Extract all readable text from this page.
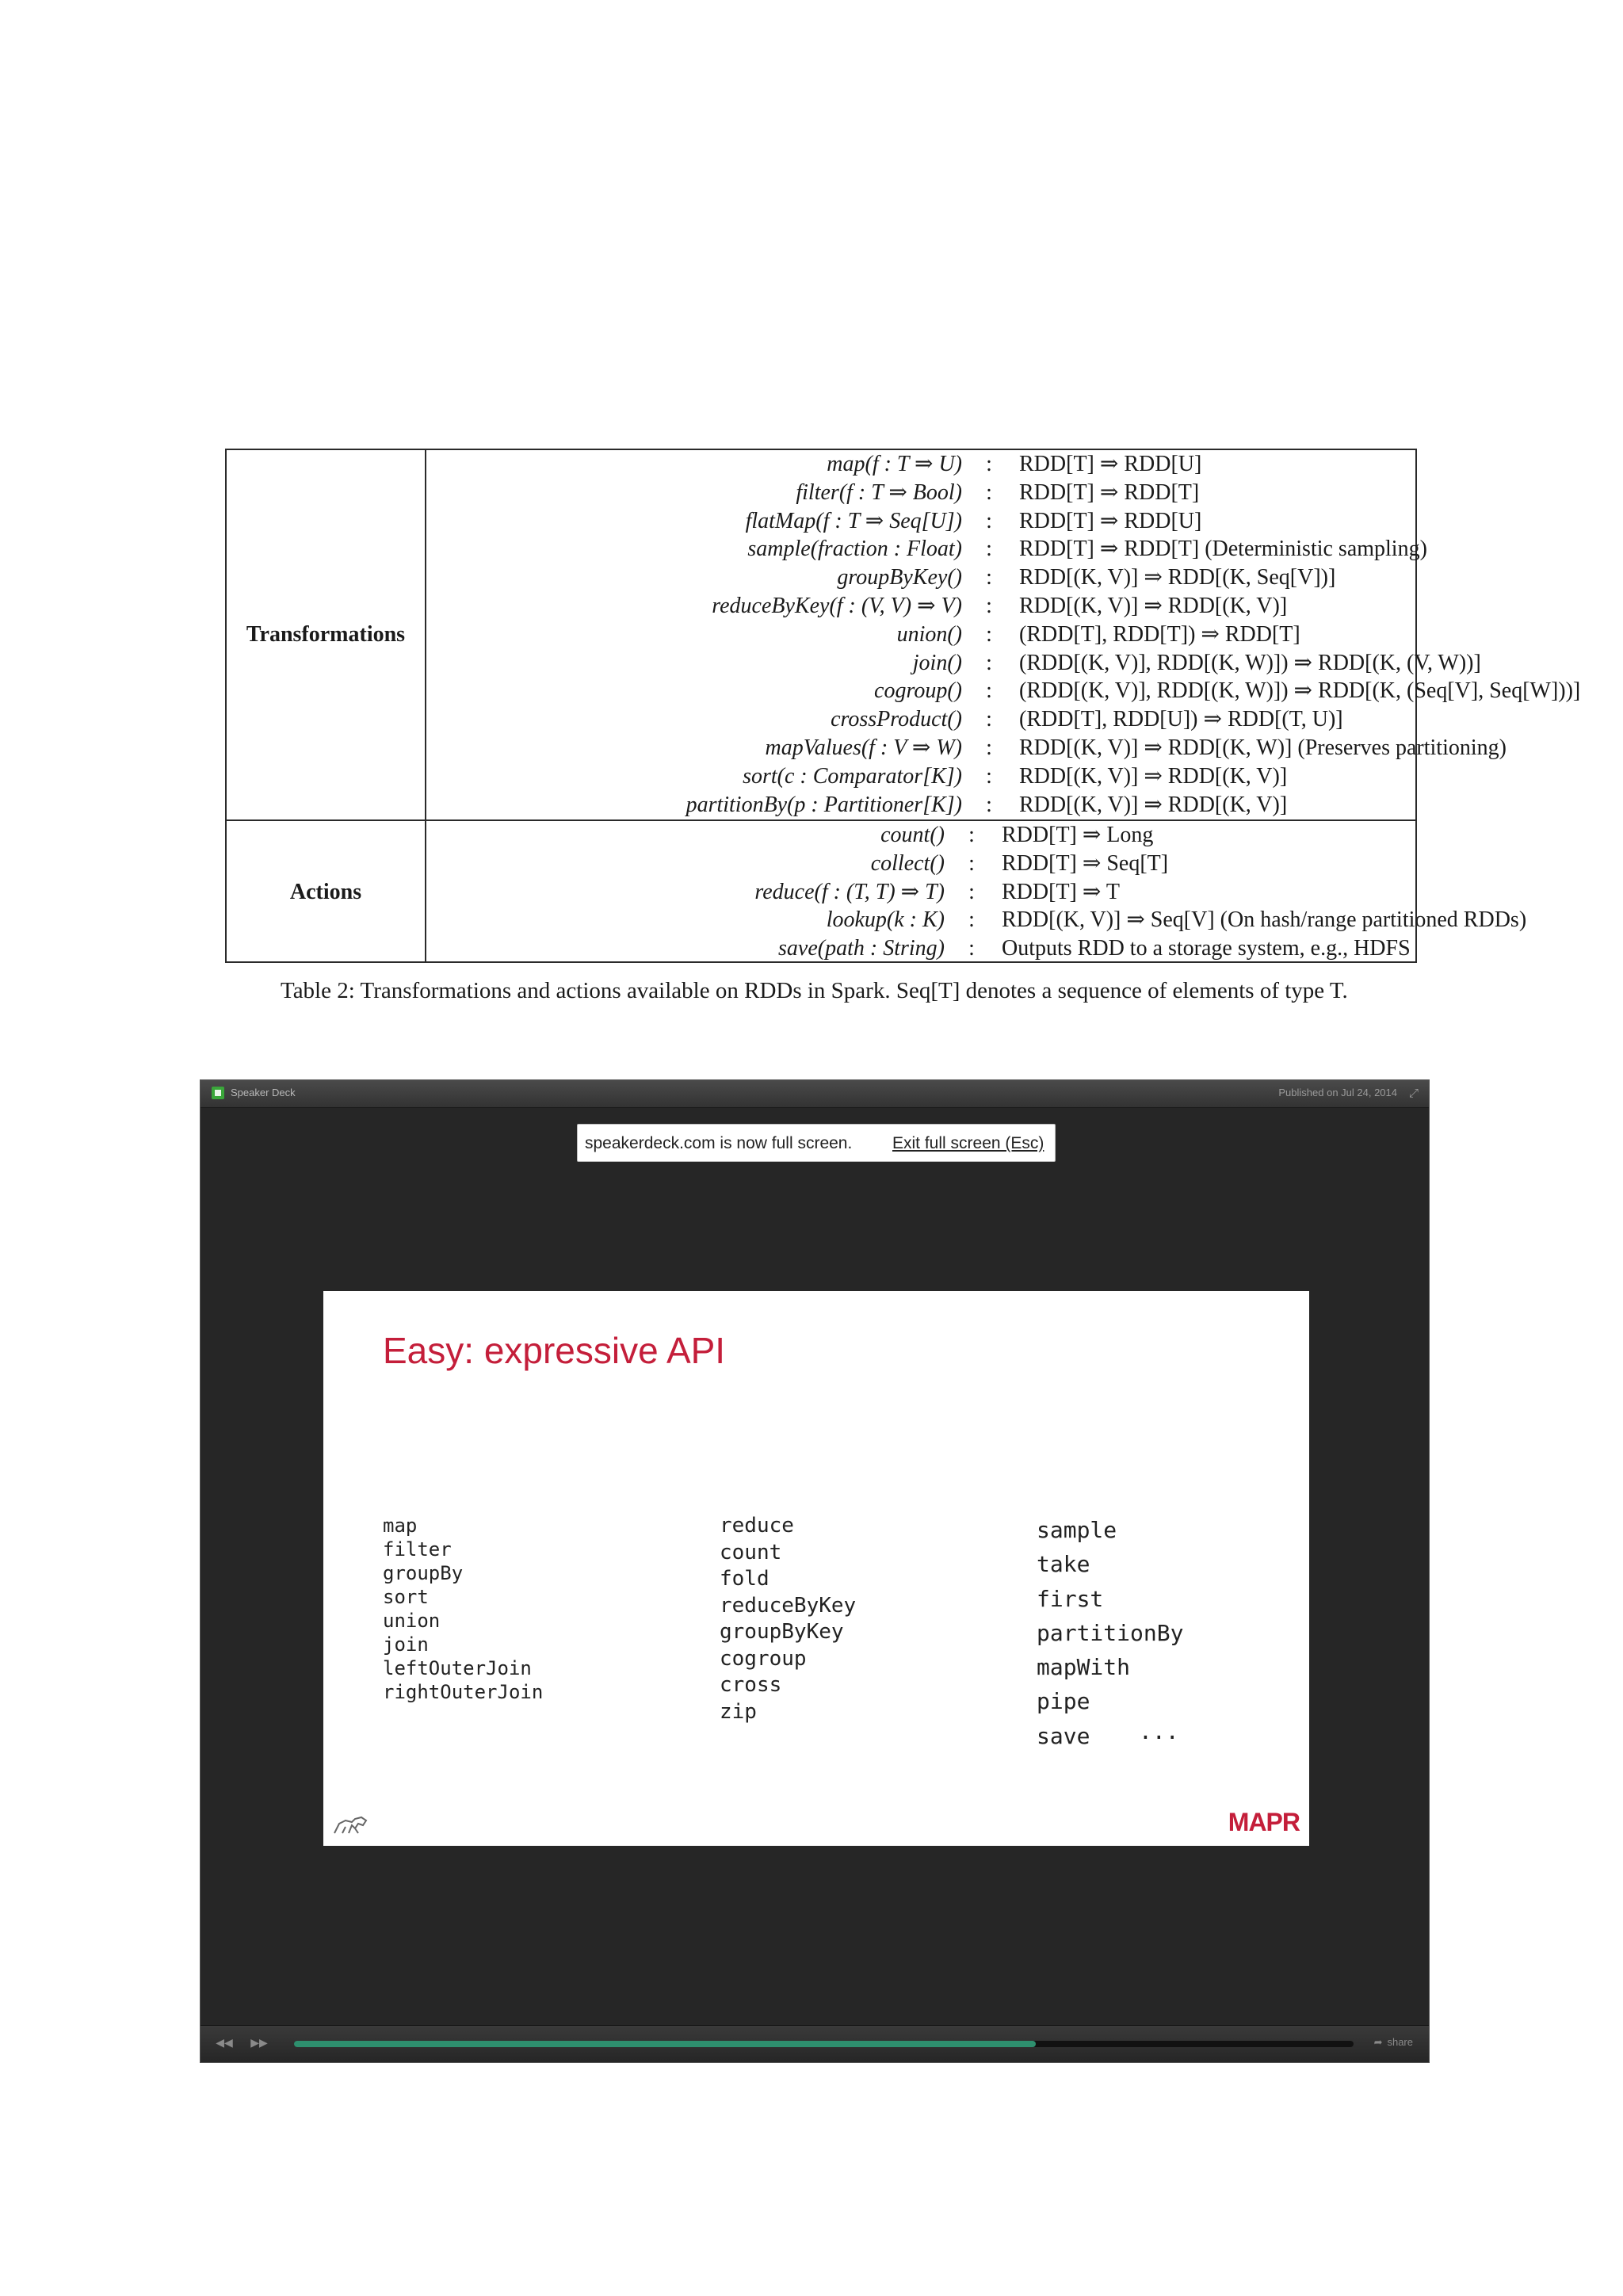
Transformations
map(f : T ⇒ U) : RDD[T] ⇒ RDD[U]
filter(f : T ⇒ Bool) : RDD[T] ⇒ RDD[T]
flatMap(f : T ⇒ Seq[U]) : RDD[T] ⇒ RDD[U]
sample(fraction : Float) : RDD[T] ⇒ RDD[T] (Deterministic sampling)
groupByKey() : RDD[(K, V)] ⇒ RDD[(K, Seq[V])]
reduceByKey(f : (V, V) ⇒ V) : RDD[(K, V)] ⇒ RDD[(K, V)]
union() : (RDD[T], RDD[T]) ⇒ RDD[T]
join() : (RDD[(K, V)], RDD[(K, W)]) ⇒ RDD[(K, (V, W))]
cogroup() : (RDD[(K, V)], RDD[(K, W)]) ⇒ RDD[(K, (Seq[V], Seq[W]))]
crossProduct() : (RDD[T], RDD[U]) ⇒ RDD[(T, U)]
mapValues(f : V ⇒ W) : RDD[(K, V)] ⇒ RDD[(K, W)] (Preserves partitioning)
sort(c : Comparator[K]) : RDD[(K, V)] ⇒ RDD[(K, V)]
partitionBy(p : Partitioner[K]) : RDD[(K, V)] ⇒ RDD[(K, V)]
Actions
count() : RDD[T] ⇒ Long
collect() : RDD[T] ⇒ Seq[T]
reduce(f : (T, T) ⇒ T) : RDD[T] ⇒ T
lookup(k : K) : RDD[(K, V)] ⇒ Seq[V] (On hash/range partitioned RDDs)
save(path : String) : Outputs RDD to a storage system, e.g., HDFS
Table 2: Transformations and actions available on RDDs in Spark. Seq[T] denotes a sequence of elements of type T.
Speaker Deck	Published on Jul 24, 2014 ⤢
speakerdeck.com is now full screen. Exit full screen (Esc)
Easy: expressive API
map
filter
groupBy
sort
union
join
leftOuterJoin
rightOuterJoin
reduce
count
fold
reduceByKey
groupByKey
cogroup
cross
zip
sample
take
first
partitionBy
mapWith
pipe
save	...
MAPR
◀◀ ▶▶	➦ share
